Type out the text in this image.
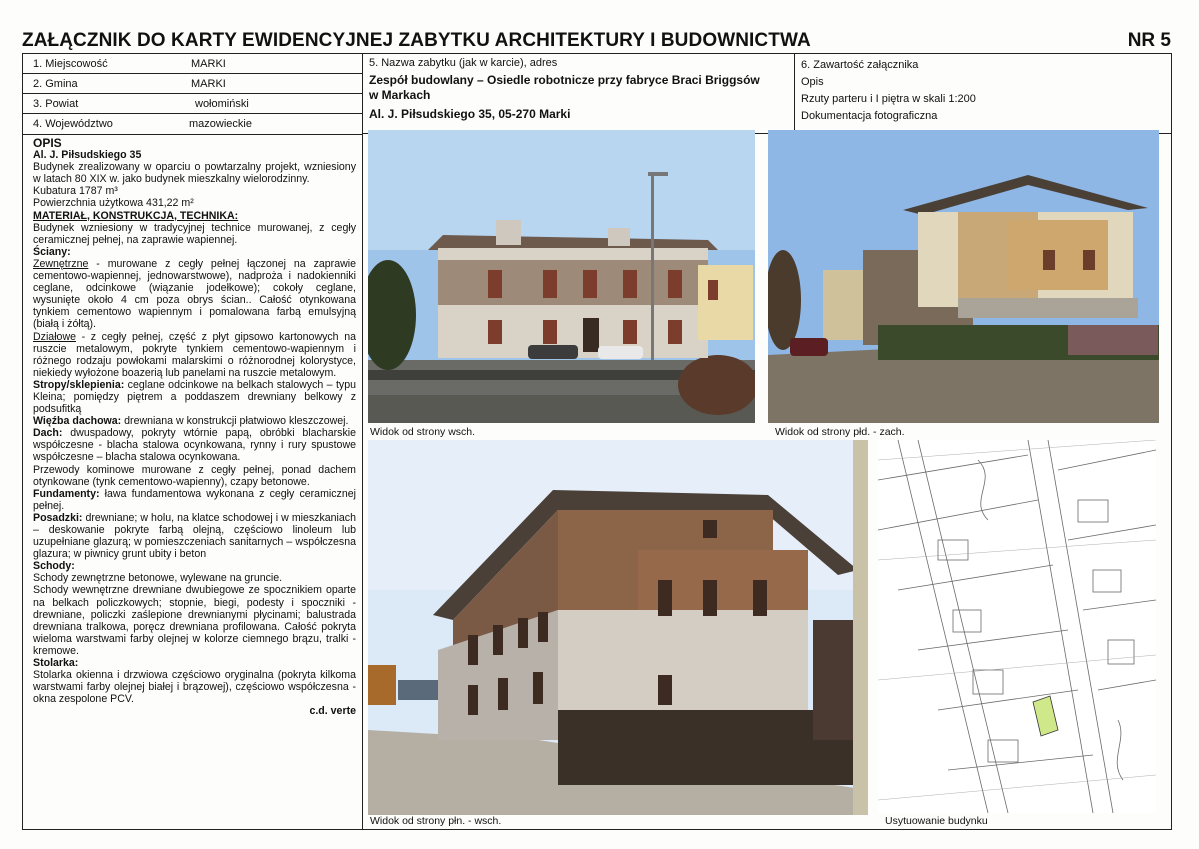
ZAŁĄCZNIK DO KARTY EWIDENCYJNEJ ZABYTKU ARCHITEKTURY I BUDOWNICTWA	NR 5
1. Miejscowość	MARKI
2. Gmina	MARKI
3. Powiat	wołomiński
4. Województwo	mazowieckie
5. Nazwa zabytku (jak w karcie), adres
Zespół budowlany – Osiedle robotnicze przy fabryce Braci Briggsów
w Markach
Al. J. Piłsudskiego 35, 05-270 Marki
6. Zawartość załącznika
Opis
Rzuty parteru i I piętra w skali 1:200
Dokumentacja fotograficzna
OPIS
Al. J. Piłsudskiego 35

Budynek zrealizowany w oparciu o powtarzalny projekt, wzniesiony w latach 80 XIX w. jako budynek mieszkalny wielorodzinny.

Kubatura 1787 m³

Powierzchnia użytkowa 431,22 m²

MATERIAŁ, KONSTRUKCJA, TECHNIKA:

Budynek wzniesiony w tradycyjnej technice murowanej, z cegły ceramicznej pełnej, na zaprawie wapiennej.

Ściany:

Zewnętrzne - murowane z cegły pełnej łączonej na zaprawie cementowo-wapiennej, jednowarstwowe), nadproża i nadokienniki ceglane, odcinkowe (wiązanie jodełkowe); cokoły ceglane, wysunięte około 4 cm poza obrys ścian.. Całość otynkowana tynkiem cementowo wapiennym i pomalowana farbą emulsyjną (białą i żółtą).

Działowe - z cegły pełnej, część z płyt gipsowo kartonowych na ruszcie metalowym, pokryte tynkiem cementowo-wapiennym i różnego rodzaju powłokami malarskimi o różnorodnej kolorystyce, niekiedy wyłożone boazerią lub panelami na ruszcie metalowym.

Stropy/sklepienia: ceglane odcinkowe na belkach stalowych – typu Kleina; pomiędzy piętrem a poddaszem drewniany belkowy z podsufitką

Więźba dachowa: drewniana w konstrukcji płatwiowo kleszczowej.

Dach: dwuspadowy, pokryty wtórnie papą, obróbki blacharskie współczesne - blacha stalowa ocynkowana, rynny i rury spustowe współczesne – blacha stalowa ocynkowana.

Przewody kominowe murowane z cegły pełnej, ponad dachem otynkowane (tynk cementowo-wapienny), czapy betonowe.

Fundamenty: ława fundamentowa wykonana z cegły ceramicznej pełnej.

Posadzki: drewniane; w holu, na klatce schodowej i w mieszkaniach – deskowanie pokryte farbą olejną, częściowo linoleum lub uzupełniane glazurą; w pomieszczeniach sanitarnych – współczesna glazura; w piwnicy grunt ubity i beton

Schody:

Schody zewnętrzne betonowe, wylewane na gruncie.

Schody wewnętrzne drewniane dwubiegowe ze spocznikiem oparte na belkach policzkowych; stopnie, biegi, podesty i spoczniki - drewniane, policzki zaślepione drewnianymi płycinami; balustrada drewniana tralkowa, poręcz drewniana profilowana. Całość pokryta wieloma warstwami farby olejnej w kolorze ciemnego brązu, tralki - kremowe.

Stolarka:

Stolarka okienna i drzwiowa częściowo oryginalna (pokryta kilkoma warstwami farby olejnej białej i brązowej), częściowo współczesna - okna zespolone PCV.

c.d. verte

Widok od strony wsch.	Widok od strony płd. - zach.
Widok od strony płn. - wsch.	Usytuowanie budynku
